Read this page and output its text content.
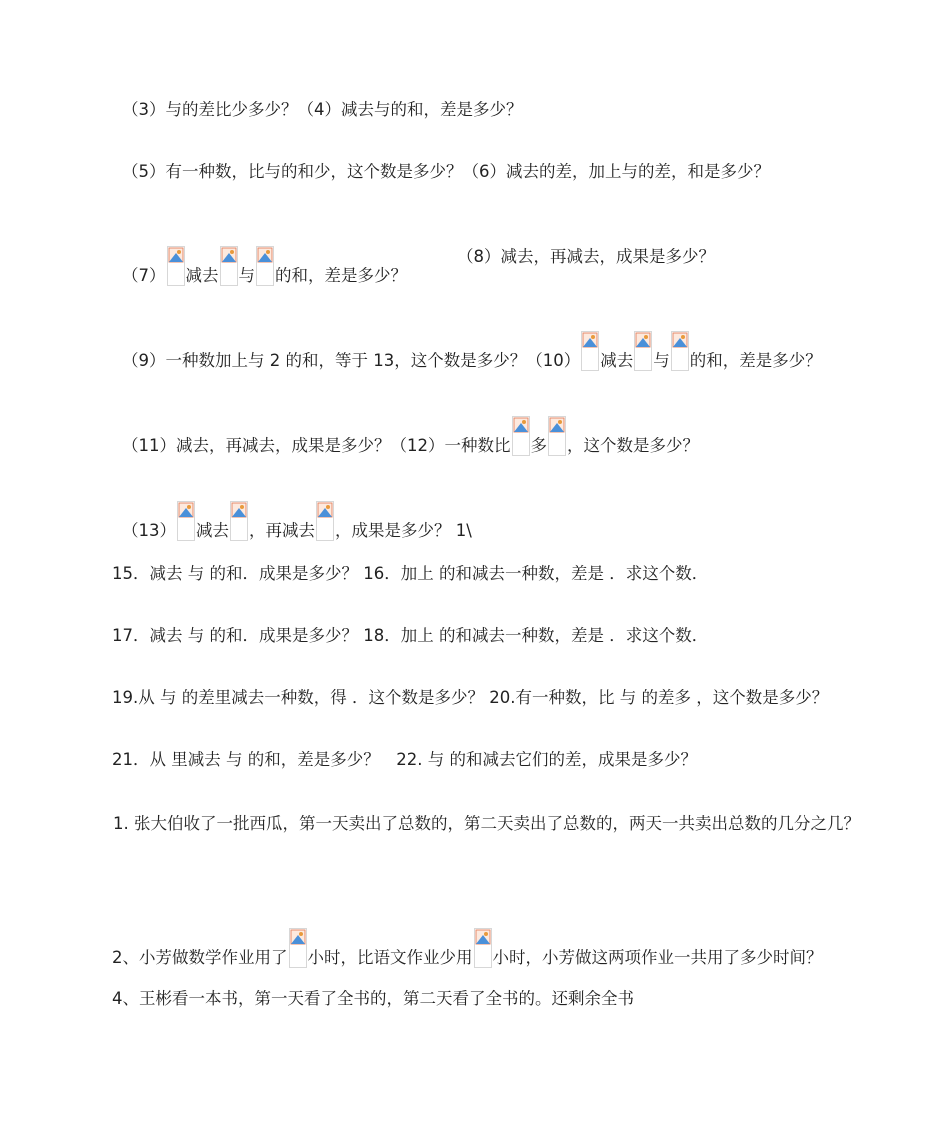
（3）与的差比少多少？（4）减去与的和，差是多少？
（5）有一种数，比与的和少，这个数是多少？（6）减去的差，加上与的差，和是多少？
（7） 减去 与 的和，差是多少？
（8）减去，再减去，成果是多少？
（9）一种数加上与 2 的和，等于 13，这个数是多少？（10） 减去 与 的和，差是多少？
（11）减去，再减去，成果是多少？（12）一种数比 多 ，这个数是多少？
（13） 减去 ，再减去 ，成果是多少？ 1\
15．减去 与 的和．成果是多少？ 16．加上 的和减去一种数，差是 ．求这个数．
17．减去 与 的和．成果是多少？ 18．加上 的和减去一种数，差是 ．求这个数．
19.从 与 的差里减去一种数，得 ．这个数是多少？ 20.有一种数，比 与 的差多 ，这个数是多少？
21．从 里减去 与 的和，差是多少？　22. 与 的和减去它们的差，成果是多少？
1. 张大伯收了一批西瓜，第一天卖出了总数的，第二天卖出了总数的，两天一共卖出总数的几分之几？
2、小芳做数学作业用了 小时，比语文作业少用 小时，小芳做这两项作业一共用了多少时间？
4、王彬看一本书，第一天看了全书的，第二天看了全书的。还剩余全书
